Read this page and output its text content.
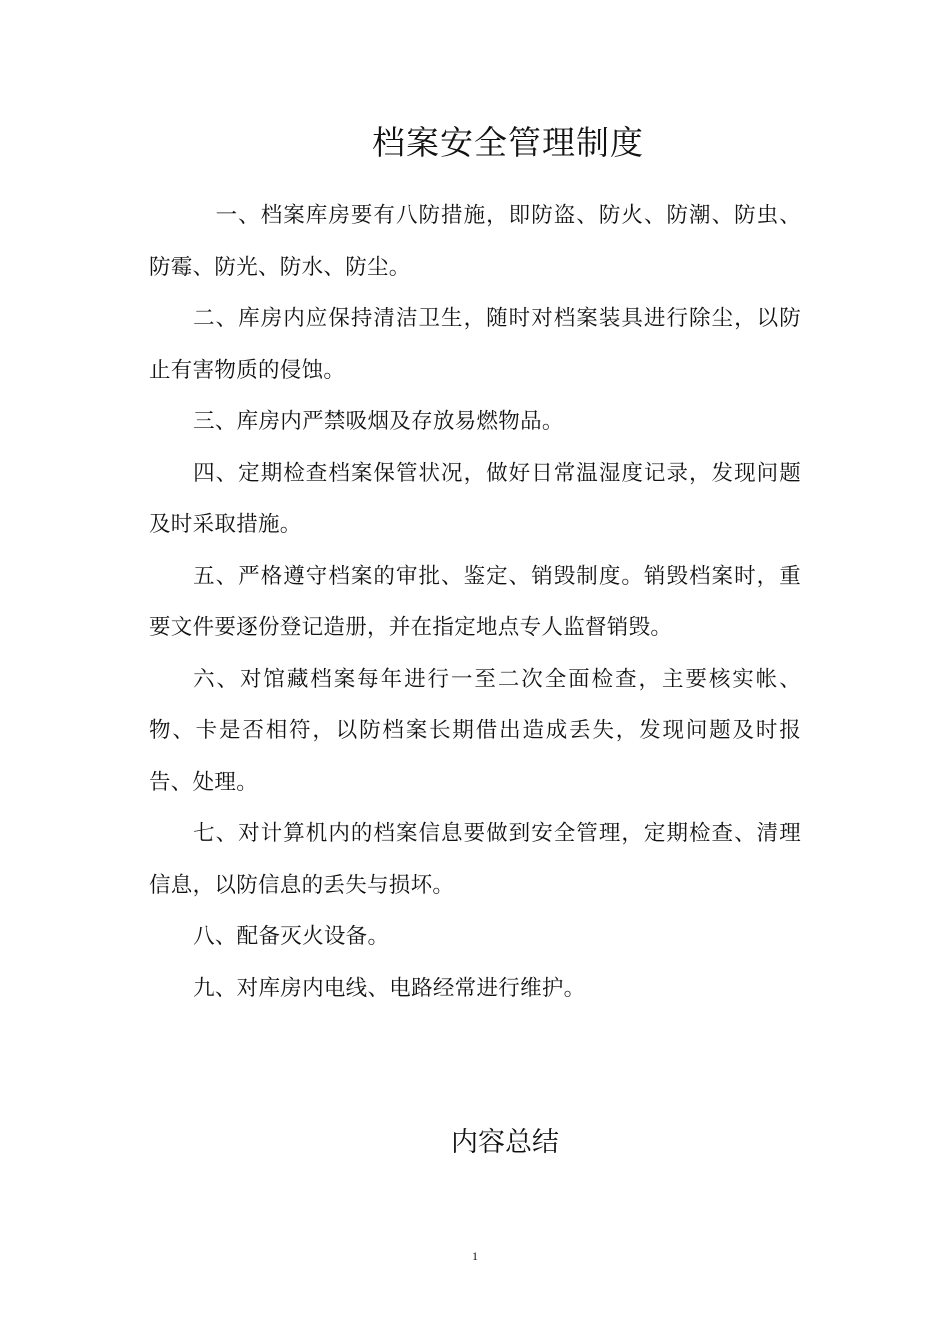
档案安全管理制度

一、档案库房要有八防措施，即防盗、防火、防潮、防虫、防霉、防光、防水、防尘。

二、库房内应保持清洁卫生，随时对档案装具进行除尘，以防止有害物质的侵蚀。

三、库房内严禁吸烟及存放易燃物品。

四、定期检查档案保管状况，做好日常温湿度记录，发现问题及时采取措施。

五、严格遵守档案的审批、鉴定、销毁制度。销毁档案时，重要文件要逐份登记造册，并在指定地点专人监督销毁。

六、对馆藏档案每年进行一至二次全面检查，主要核实帐、物、卡是否相符，以防档案长期借出造成丢失，发现问题及时报告、处理。

七、对计算机内的档案信息要做到安全管理，定期检查、清理信息，以防信息的丢失与损坏。

八、配备灭火设备。

九、对库房内电线、电路经常进行维护。

内容总结
1
